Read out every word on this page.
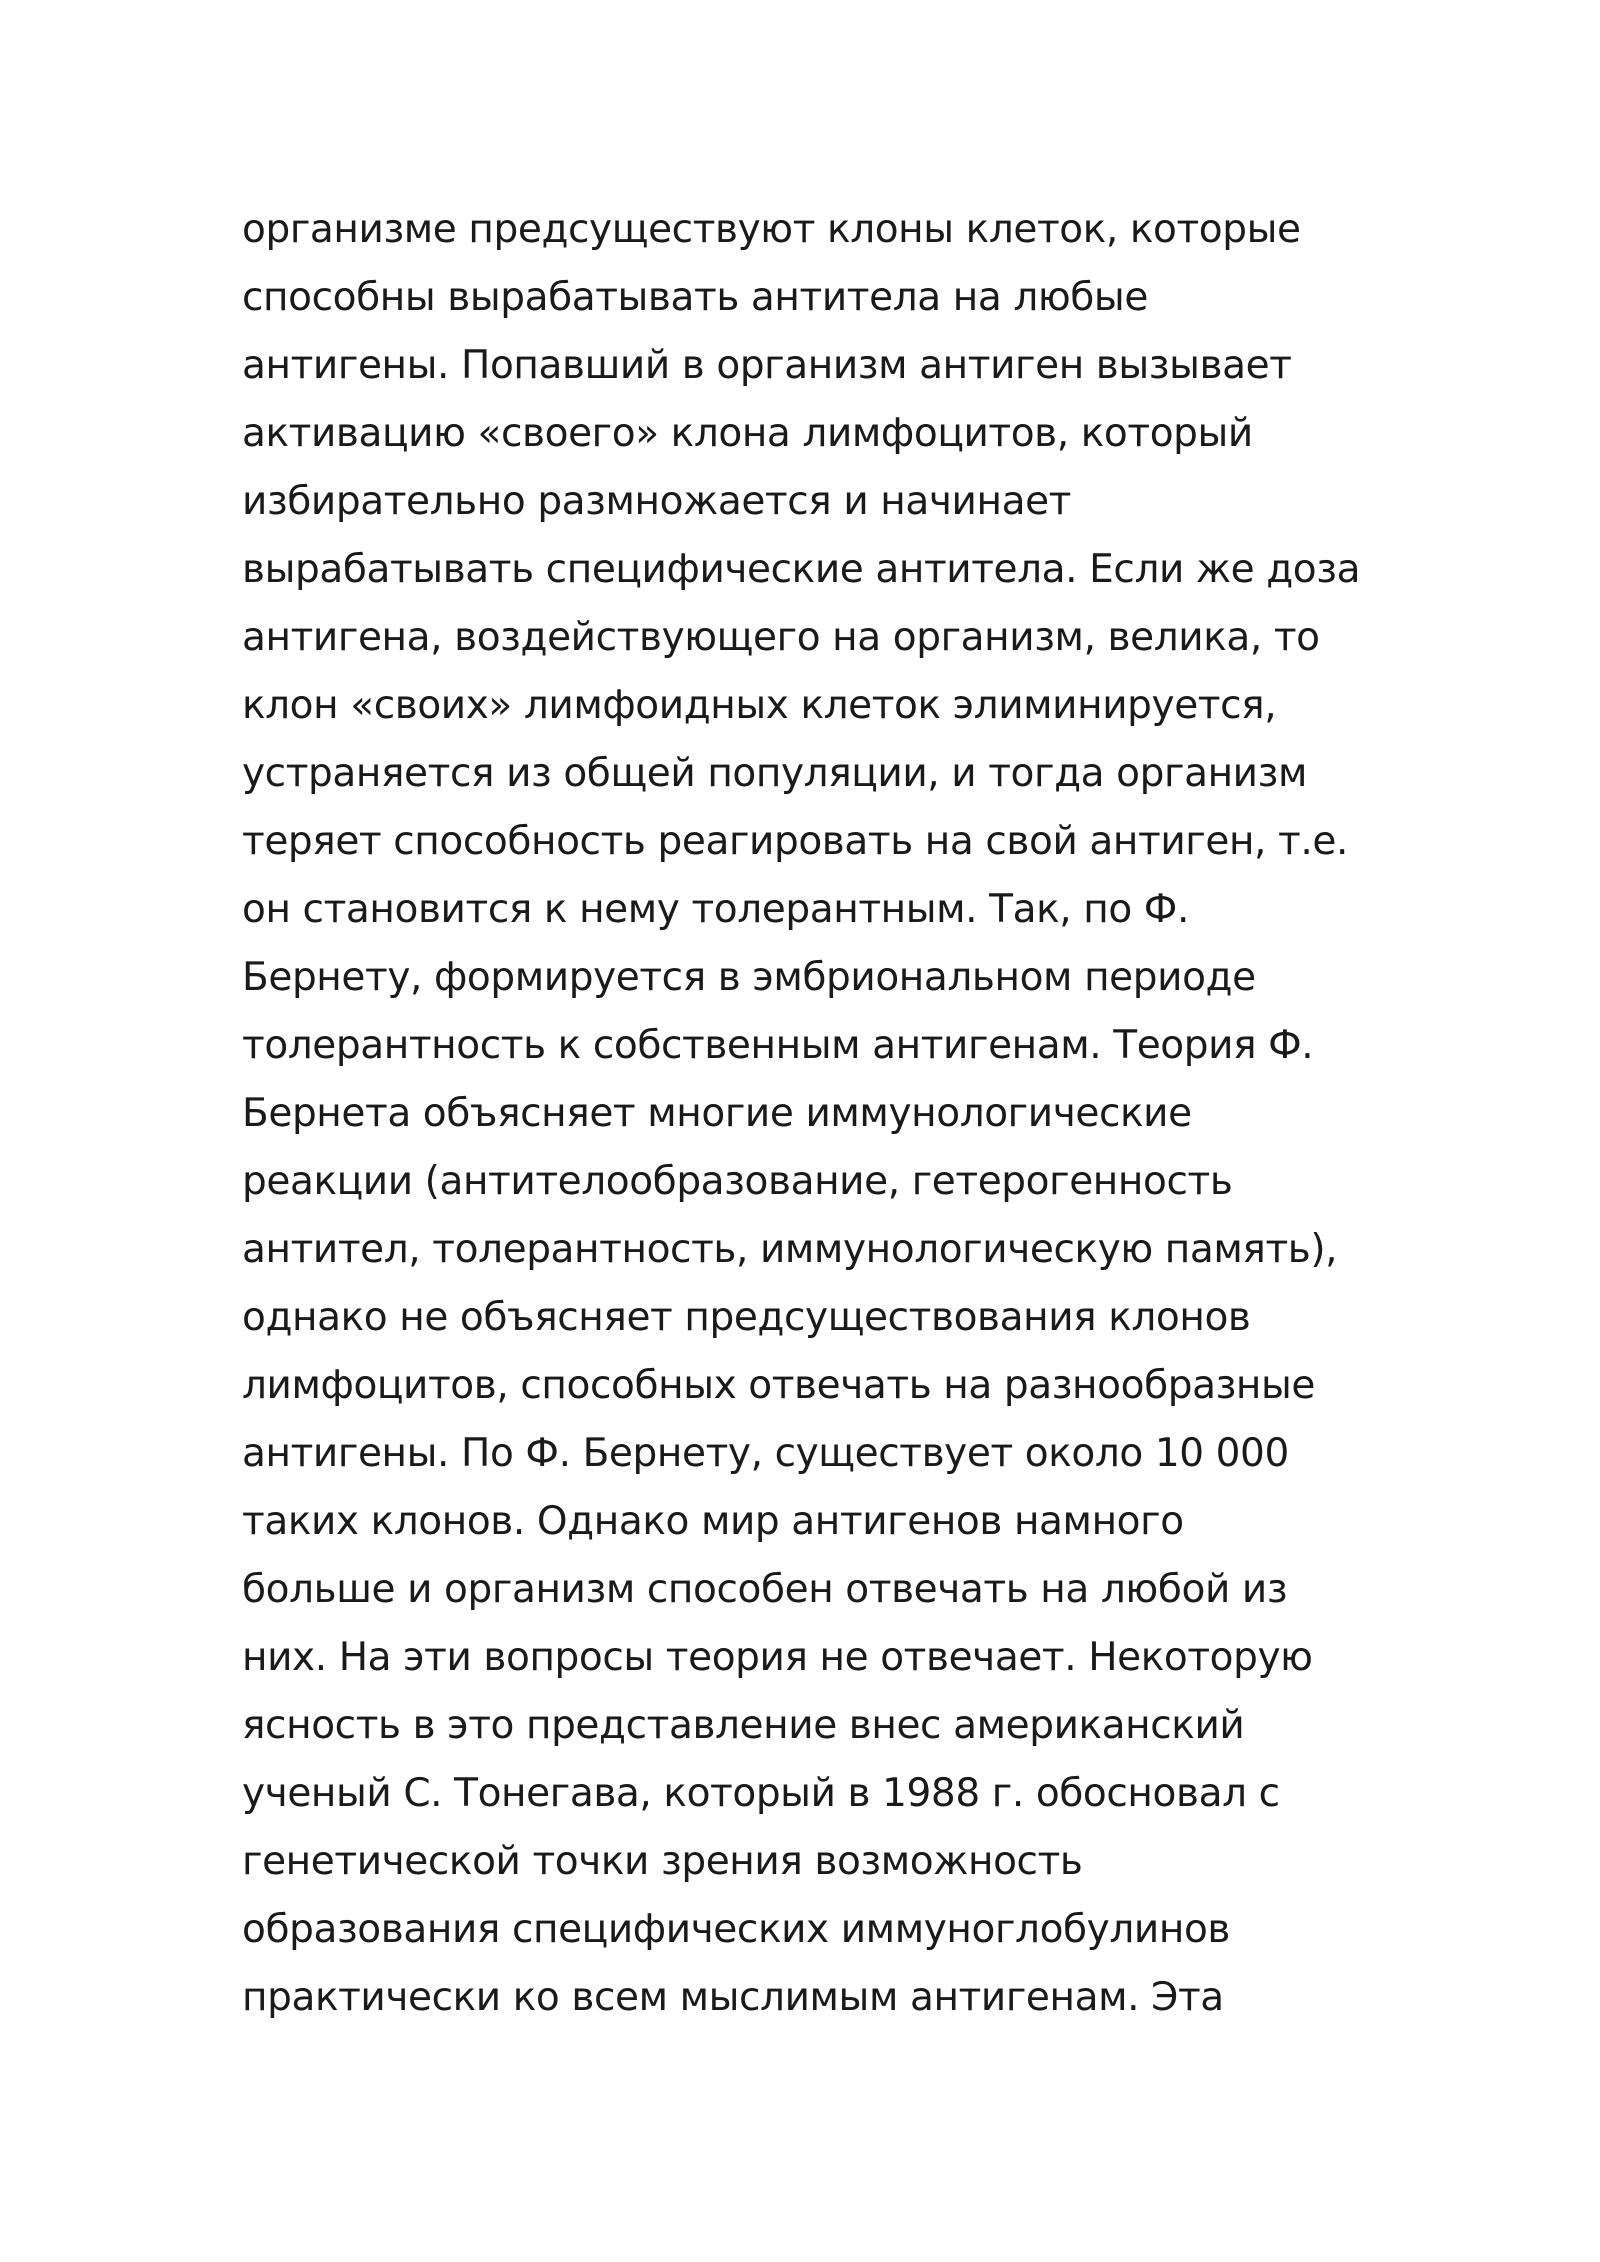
организме предсуществуют клоны клеток, которые
способны вырабатывать антитела на любые
антигены. Попавший в организм антиген вызывает
активацию «своего» клона лимфоцитов, который
избирательно размножается и начинает
вырабатывать специфические антитела. Если же доза
антигена, воздействующего на организм, велика, то
клон «своих» лимфоидных клеток элиминируется,
устраняется из общей популяции, и тогда организм
теряет способность реагировать на свой антиген, т.е.
он становится к нему толерантным. Так, по Ф.
Бернету, формируется в эмбриональном периоде
толерантность к собственным антигенам. Теория Ф.
Бернета объясняет многие иммунологические
реакции (антителообразование, гетерогенность
антител, толерантность, иммунологическую память),
однако не объясняет предсуществования клонов
лимфоцитов, способных отвечать на разнообразные
антигены. По Ф. Бернету, существует около 10 000
таких клонов. Однако мир антигенов намного
больше и организм способен отвечать на любой из
них. На эти вопросы теория не отвечает. Некоторую
ясность в это представление внес американский
ученый С. Тонегава, который в 1988 г. обосновал с
генетической точки зрения возможность
образования специфических иммуноглобулинов
практически ко всем мыслимым антигенам. Эта
